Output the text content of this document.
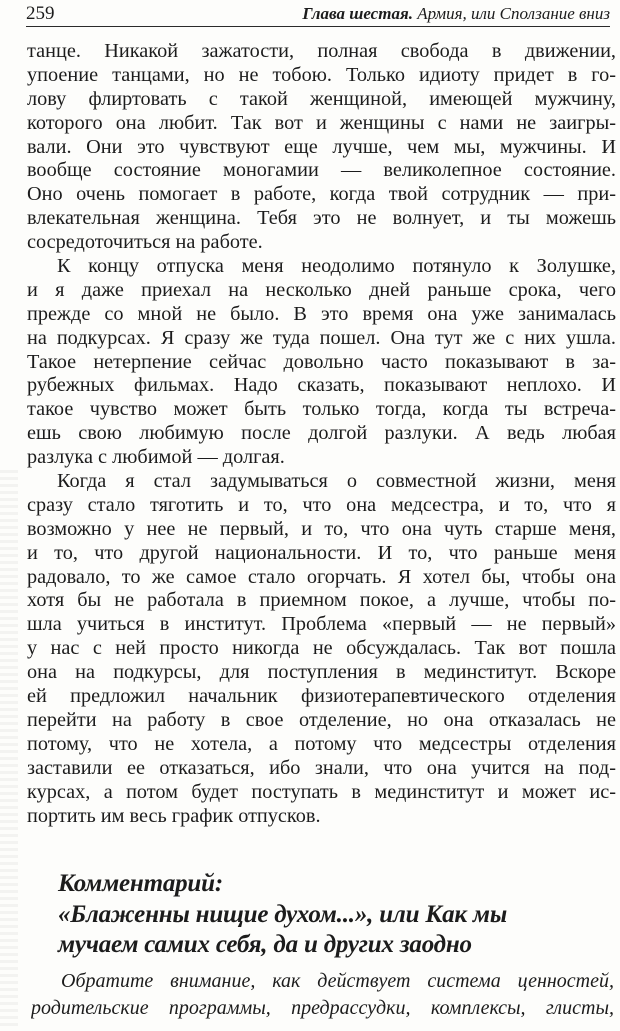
259	Глава шестая. Армия, или Сползание вниз
танце. Никакой зажатости, полная свобода в движении,
упоение танцами, но не тобою. Только идиоту придет в го-
лову флиртовать с такой женщиной, имеющей мужчину,
которого она любит. Так вот и женщины с нами не заигры-
вали. Они это чувствуют еще лучше, чем мы, мужчины. И
вообще состояние моногамии — великолепное состояние.
Оно очень помогает в работе, когда твой сотрудник — при-
влекательная женщина. Тебя это не волнует, и ты можешь
сосредоточиться на работе.
К концу отпуска меня неодолимо потянуло к Золушке,
и я даже приехал на несколько дней раньше срока, чего
прежде со мной не было. В это время она уже занималась
на подкурсах. Я сразу же туда пошел. Она тут же с них ушла.
Такое нетерпение сейчас довольно часто показывают в за-
рубежных фильмах. Надо сказать, показывают неплохо. И
такое чувство может быть только тогда, когда ты встреча-
ешь свою любимую после долгой разлуки. А ведь любая
разлука с любимой — долгая.
Когда я стал задумываться о совместной жизни, меня
сразу стало тяготить и то, что она медсестра, и то, что я
возможно у нее не первый, и то, что она чуть старше меня,
и то, что другой национальности. И то, что раньше меня
радовало, то же самое стало огорчать. Я хотел бы, чтобы она
хотя бы не работала в приемном покое, а лучше, чтобы по-
шла учиться в институт. Проблема «первый — не первый»
у нас с ней просто никогда не обсуждалась. Так вот пошла
она на подкурсы, для поступления в мединститут. Вскоре
ей предложил начальник физиотерапевтического отделения
перейти на работу в свое отделение, но она отказалась не
потому, что не хотела, а потому что медсестры отделения
заставили ее отказаться, ибо знали, что она учится на под-
курсах, а потом будет поступать в мединститут и может ис-
портить им весь график отпусков.
Комментарий:
«Блаженны нищие духом...», или Как мы
мучаем самих себя, да и других заодно
Обратите внимание, как действует система ценностей,
родительские программы, предрассудки, комплексы, глисты,
